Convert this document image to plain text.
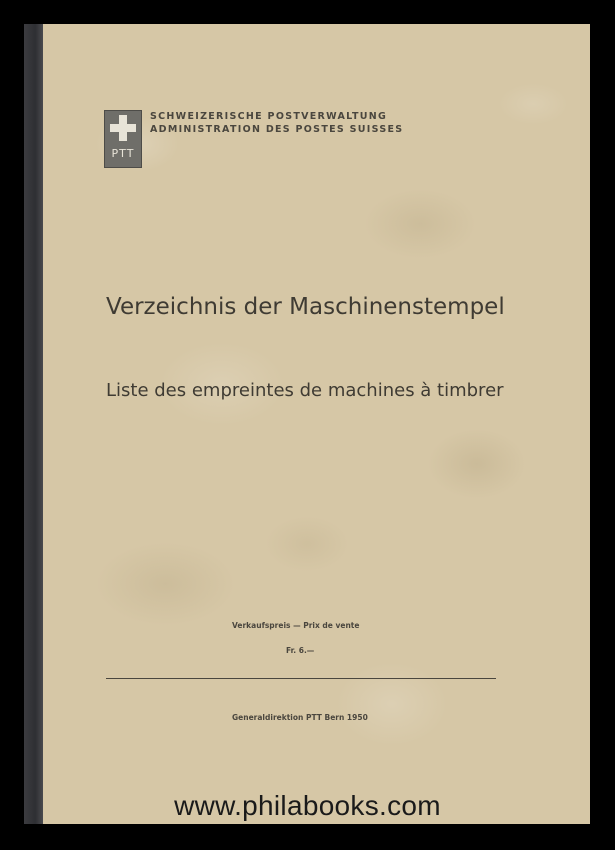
PTT
SCHWEIZERISCHE POSTVERWALTUNG
ADMINISTRATION DES POSTES SUISSES
Verzeichnis der Maschinenstempel
Liste des empreintes de machines à timbrer
Verkaufspreis — Prix de vente
Fr. 6.—
Generaldirektion PTT Bern 1950
www.philabooks.com
